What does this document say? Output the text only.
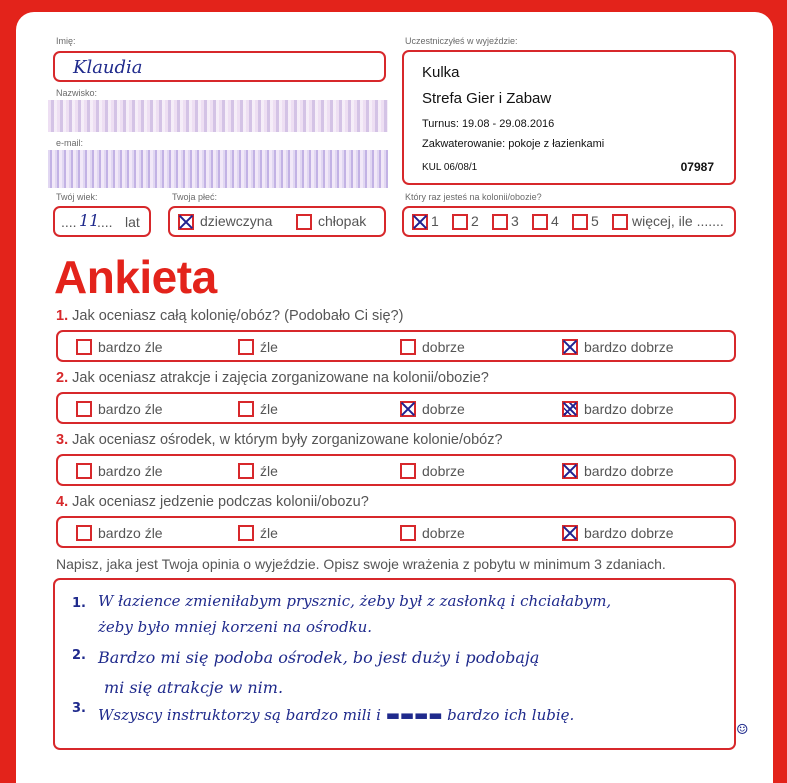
Imię:
Klaudia
Nazwisko:
e-mail:
Uczestniczyłeś w wyjeździe:
Kulka
Strefa Gier i Zabaw
Turnus: 19.08 - 29.08.2016
Zakwaterowanie: pokoje z łazienkami
KUL 06/08/1	07987
Twój wiek:
.... 11
.... lat
Twoja płeć:
dziewczyna	chłopak
Który raz jesteś na kolonii/obozie?
1	2	3	4	5	więcej, ile .......
Ankieta
1. Jak oceniasz całą kolonię/obóz? (Podobało Ci się?)
bardzo źle	źle	dobrze	bardzo dobrze
2. Jak oceniasz atrakcje i zajęcia zorganizowane na kolonii/obozie?
bardzo źle	źle	dobrze	bardzo dobrze
3. Jak oceniasz ośrodek, w którym były zorganizowane kolonie/obóz?
bardzo źle	źle	dobrze	bardzo dobrze
4. Jak oceniasz jedzenie podczas kolonii/obozu?
bardzo źle	źle	dobrze	bardzo dobrze
Napisz, jaka jest Twoja opinia o wyjeździe. Opisz swoje wrażenia z pobytu w minimum 3 zdaniach.
1.
2.
3.
W łazience zmieniłabym prysznic, żeby był z zasłonką i chciałabym,
żeby było mniej korzeni na ośrodku.
Bardzo mi się podoba ośrodek, bo jest duży i podobają
mi się atrakcje w nim.
Wszyscy instruktorzy są bardzo mili i ▬▬▬▬ bardzo ich lubię.
☺
